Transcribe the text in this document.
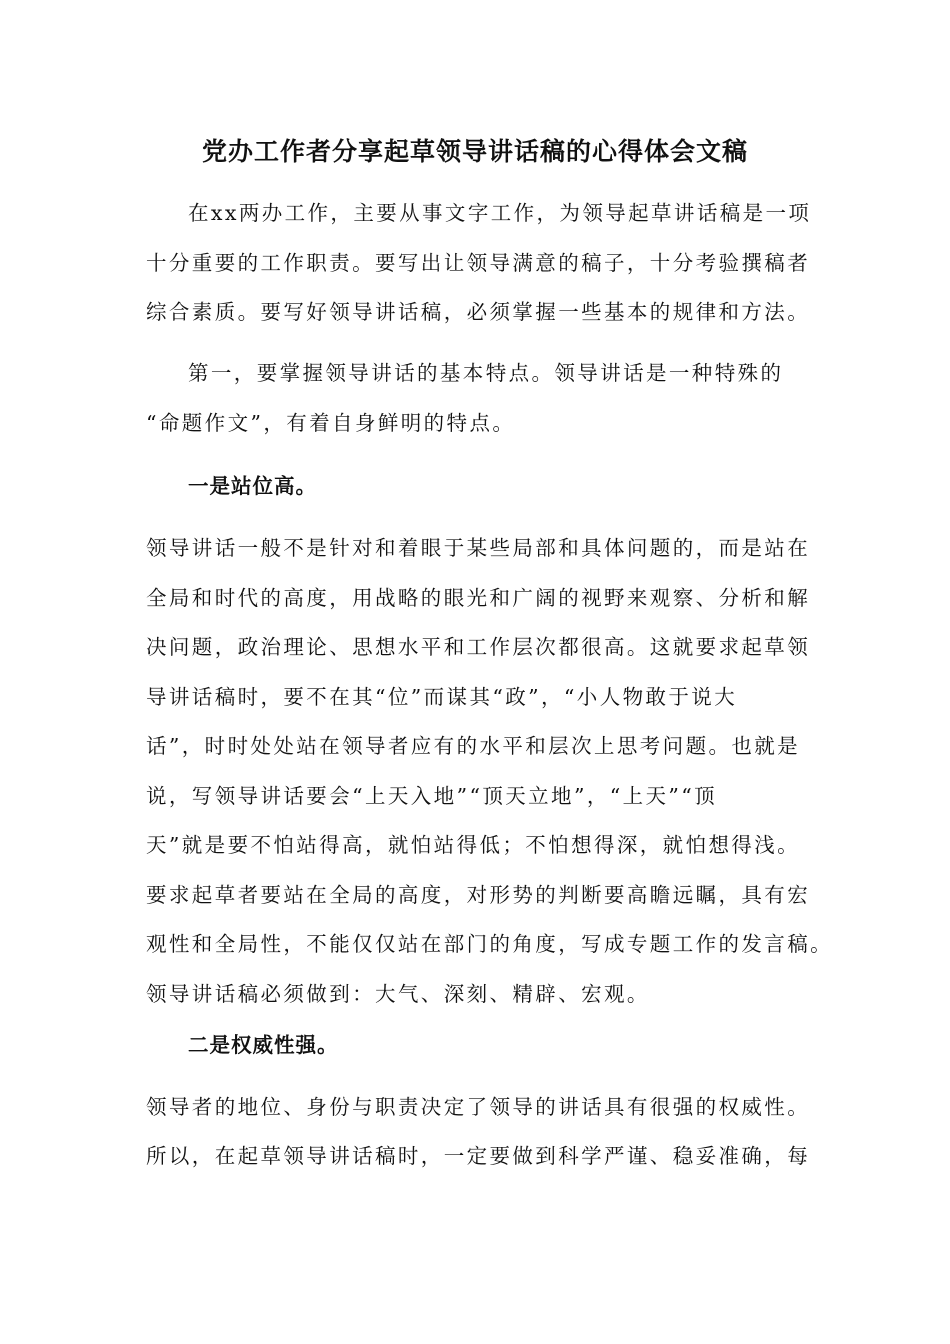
党办工作者分享起草领导讲话稿的心得体会文稿

在xx两办工作，主要从事文字工作，为领导起草讲话稿是一项

十分重要的工作职责。要写出让领导满意的稿子，十分考验撰稿者

综合素质。要写好领导讲话稿，必须掌握一些基本的规律和方法。

第一，要掌握领导讲话的基本特点。领导讲话是一种特殊的

“命题作文”，有着自身鲜明的特点。

一是站位高。

领导讲话一般不是针对和着眼于某些局部和具体问题的，而是站在

全局和时代的高度，用战略的眼光和广阔的视野来观察、分析和解

决问题，政治理论、思想水平和工作层次都很高。这就要求起草领

导讲话稿时，要不在其“位”而谋其“政”，“小人物敢于说大

话”，时时处处站在领导者应有的水平和层次上思考问题。也就是

说，写领导讲话要会“上天入地”“顶天立地”，“上天”“顶

天”就是要不怕站得高，就怕站得低；不怕想得深，就怕想得浅。

要求起草者要站在全局的高度，对形势的判断要高瞻远瞩，具有宏

观性和全局性，不能仅仅站在部门的角度，写成专题工作的发言稿。

领导讲话稿必须做到：大气、深刻、精辟、宏观。

二是权威性强。

领导者的地位、身份与职责决定了领导的讲话具有很强的权威性。

所以，在起草领导讲话稿时，一定要做到科学严谨、稳妥准确，每
